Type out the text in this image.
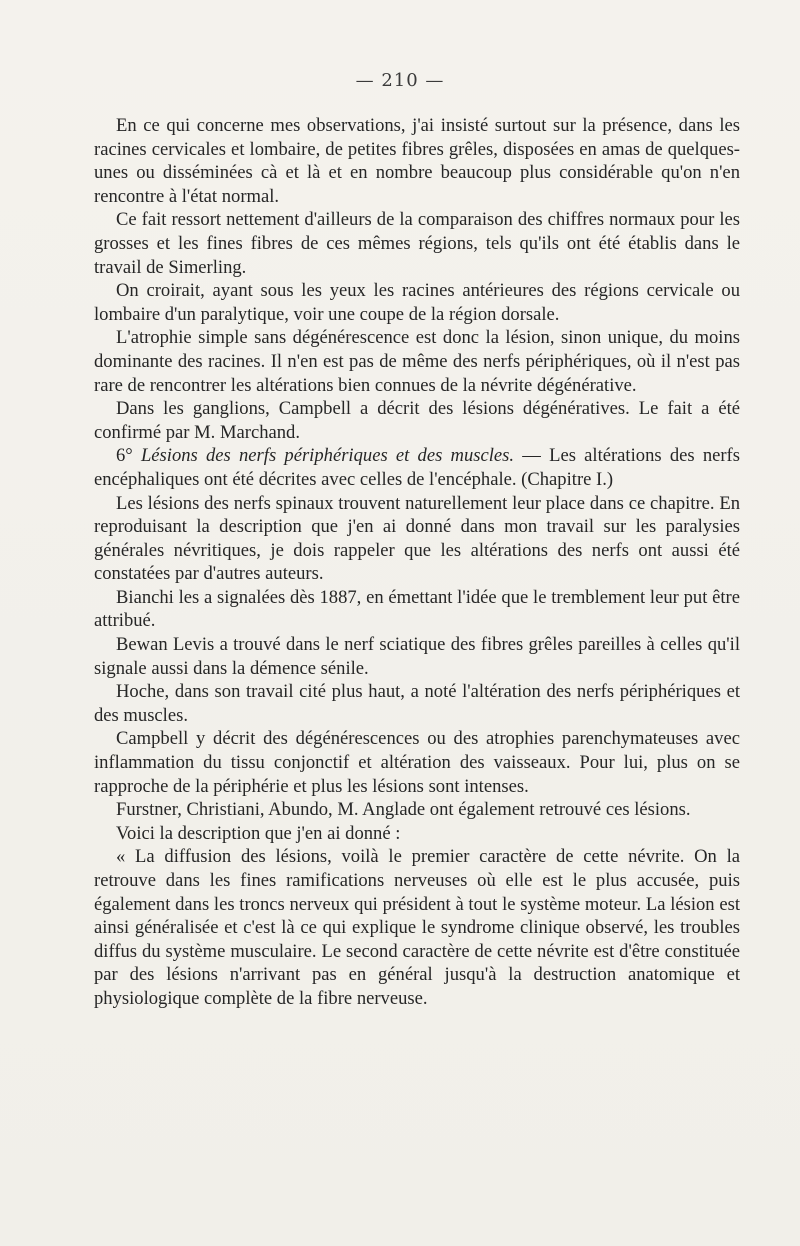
— 210 —

En ce qui concerne mes observations, j'ai insisté surtout sur la présence, dans les racines cervicales et lombaire, de petites fibres grêles, disposées en amas de quelques-unes ou disséminées cà et là et en nombre beaucoup plus considérable qu'on n'en rencontre à l'état normal.

Ce fait ressort nettement d'ailleurs de la comparaison des chiffres normaux pour les grosses et les fines fibres de ces mêmes régions, tels qu'ils ont été établis dans le travail de Simerling.

On croirait, ayant sous les yeux les racines antérieures des régions cervicale ou lombaire d'un paralytique, voir une coupe de la région dorsale.

L'atrophie simple sans dégénérescence est donc la lésion, sinon unique, du moins dominante des racines. Il n'en est pas de même des nerfs périphériques, où il n'est pas rare de rencontrer les altérations bien connues de la névrite dégénérative.

Dans les ganglions, Campbell a décrit des lésions dégénératives. Le fait a été confirmé par M. Marchand.

6° Lésions des nerfs périphériques et des muscles. — Les altérations des nerfs encéphaliques ont été décrites avec celles de l'encéphale. (Chapitre I.)

Les lésions des nerfs spinaux trouvent naturellement leur place dans ce chapitre. En reproduisant la description que j'en ai donné dans mon travail sur les paralysies générales névritiques, je dois rappeler que les altérations des nerfs ont aussi été constatées par d'autres auteurs.

Bianchi les a signalées dès 1887, en émettant l'idée que le tremblement leur put être attribué.

Bewan Levis a trouvé dans le nerf sciatique des fibres grêles pareilles à celles qu'il signale aussi dans la démence sénile.

Hoche, dans son travail cité plus haut, a noté l'altération des nerfs périphériques et des muscles.

Campbell y décrit des dégénérescences ou des atrophies parenchymateuses avec inflammation du tissu conjonctif et altération des vaisseaux. Pour lui, plus on se rapproche de la périphérie et plus les lésions sont intenses.

Furstner, Christiani, Abundo, M. Anglade ont également retrouvé ces lésions.

Voici la description que j'en ai donné :

« La diffusion des lésions, voilà le premier caractère de cette névrite. On la retrouve dans les fines ramifications nerveuses où elle est le plus accusée, puis également dans les troncs nerveux qui président à tout le système moteur. La lésion est ainsi généralisée et c'est là ce qui explique le syndrome clinique observé, les troubles diffus du système musculaire. Le second caractère de cette névrite est d'être constituée par des lésions n'arrivant pas en général jusqu'à la destruction anatomique et physiologique complète de la fibre nerveuse.
